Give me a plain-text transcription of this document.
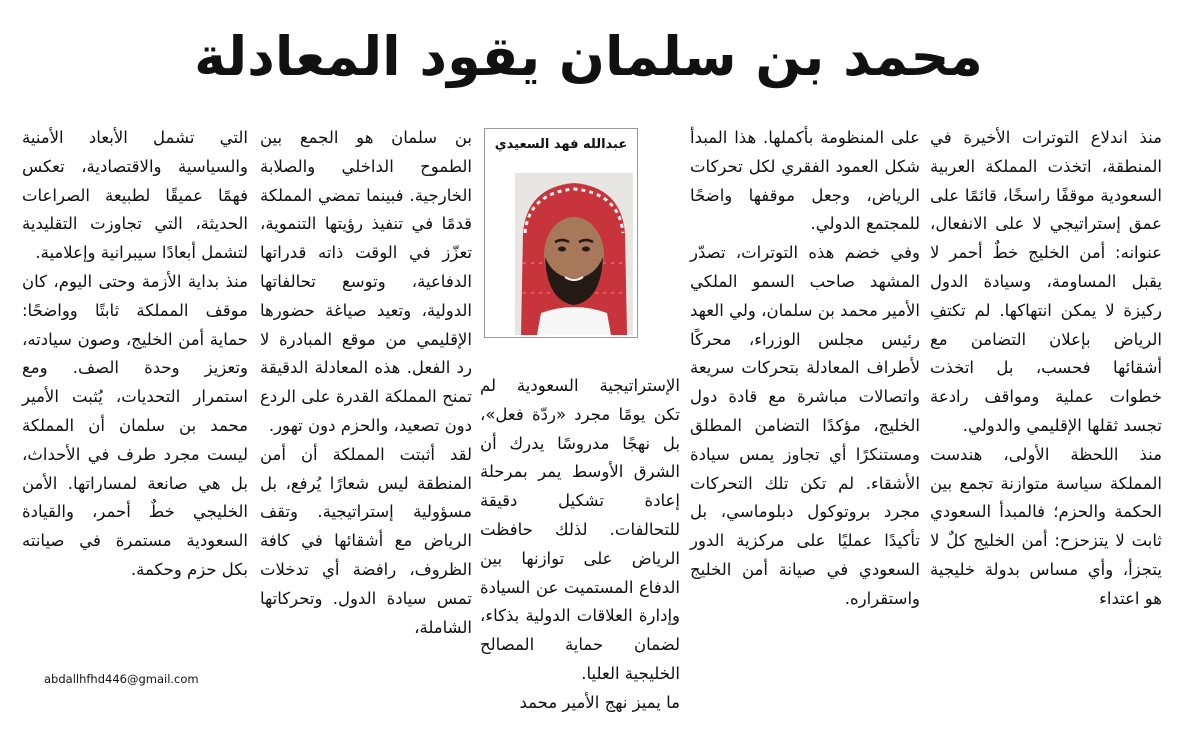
محمد بن سلمان يقود المعادلة

منذ اندلاع التوترات الأخيرة في المنطقة، اتخذت المملكة العربية السعودية موقفًا راسخًا، قائمًا على عمق إستراتيجي لا على الانفعال، عنوانه: أمن الخليج خطٌ أحمر لا يقبل المساومة، وسيادة الدول ركيزة لا يمكن انتهاكها. لم تكتفِ الرياض بإعلان التضامن مع أشقائها فحسب، بل اتخذت خطوات عملية ومواقف رادعة تجسد ثقلها الإقليمي والدولي.

منذ اللحظة الأولى، هندست المملكة سياسة متوازنة تجمع بين الحكمة والحزم؛ فالمبدأ السعودي ثابت لا يتزحزح: أمن الخليج كلٌ لا يتجزأ، وأي مساس بدولة خليجية هو اعتداء

على المنظومة بأكملها. هذا المبدأ شكل العمود الفقري لكل تحركات الرياض، وجعل موقفها واضحًا للمجتمع الدولي.

وفي خضم هذه التوترات، تصدّر المشهد صاحب السمو الملكي الأمير محمد بن سلمان، ولي العهد رئيس مجلس الوزراء، محركًا لأطراف المعادلة بتحركات سريعة واتصالات مباشرة مع قادة دول الخليج، مؤكدًا التضامن المطلق ومستنكرًا أي تجاوز يمس سيادة الأشقاء. لم تكن تلك التحركات مجرد بروتوكول دبلوماسي، بل تأكيدًا عمليًا على مركزية الدور السعودي في صيانة أمن الخليج واستقراره.

عبدالله فهد السعيدي

الإستراتيجية السعودية لم تكن يومًا مجرد «ردّة فعل»، بل نهجًا مدروسًا يدرك أن الشرق الأوسط يمر بمرحلة إعادة تشكيل دقيقة للتحالفات. لذلك حافظت الرياض على توازنها بين الدفاع المستميت عن السيادة وإدارة العلاقات الدولية بذكاء، لضمان حماية المصالح الخليجية العليا.

ما يميز نهج الأمير محمد

بن سلمان هو الجمع بين الطموح الداخلي والصلابة الخارجية. فبينما تمضي المملكة قدمًا في تنفيذ رؤيتها التنموية، تعزّز في الوقت ذاته قدراتها الدفاعية، وتوسع تحالفاتها الدولية، وتعيد صياغة حضورها الإقليمي من موقع المبادرة لا رد الفعل. هذه المعادلة الدقيقة تمنح المملكة القدرة على الردع دون تصعيد، والحزم دون تهور.

لقد أثبتت المملكة أن أمن المنطقة ليس شعارًا يُرفع، بل مسؤولية إستراتيجية. وتقف الرياض مع أشقائها في كافة الظروف، رافضة أي تدخلات تمس سيادة الدول. وتحركاتها الشاملة،

التي تشمل الأبعاد الأمنية والسياسية والاقتصادية، تعكس فهمًا عميقًا لطبيعة الصراعات الحديثة، التي تجاوزت التقليدية لتشمل أبعادًا سيبرانية وإعلامية.

منذ بداية الأزمة وحتى اليوم، كان موقف المملكة ثابتًا وواضحًا: حماية أمن الخليج، وصون سيادته، وتعزيز وحدة الصف. ومع استمرار التحديات، يُثبت الأمير محمد بن سلمان أن المملكة ليست مجرد طرف في الأحداث، بل هي صانعة لمساراتها. الأمن الخليجي خطٌ أحمر، والقيادة السعودية مستمرة في صيانته بكل حزم وحكمة.

abdallhfhd446@gmail.com
